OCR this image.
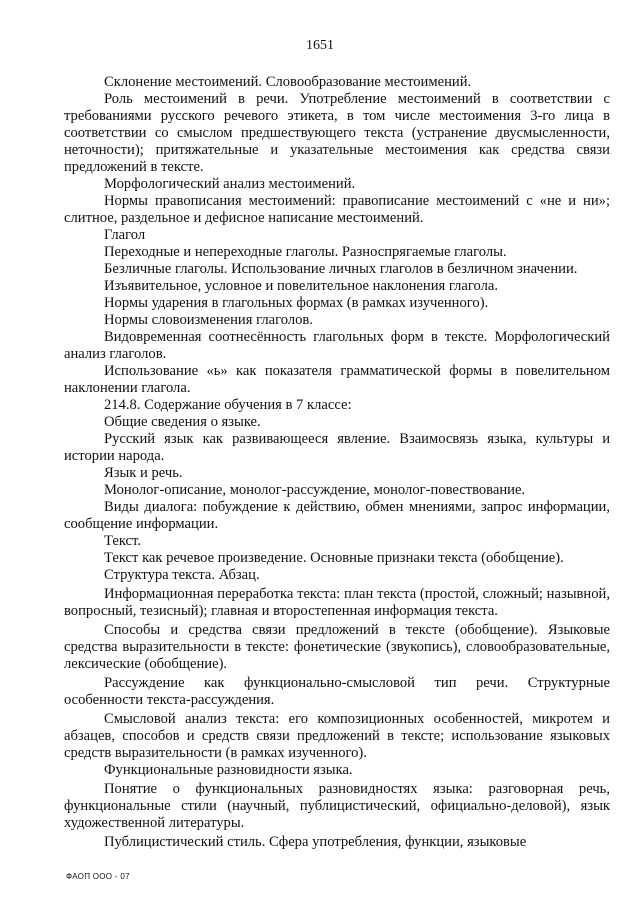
1651

Склонение местоимений. Словообразование местоимений.

Роль местоимений в речи. Употребление местоимений в соответствии с требованиями русского речевого этикета, в том числе местоимения 3-го лица в соответствии со смыслом предшествующего текста (устранение двусмысленности, неточности); притяжательные и указательные местоимения как средства связи предложений в тексте.

Морфологический анализ местоимений.

Нормы правописания местоимений: правописание местоимений с «не и ни»; слитное, раздельное и дефисное написание местоимений.

Глагол

Переходные и непереходные глаголы. Разноспрягаемые глаголы.

Безличные глаголы. Использование личных глаголов в безличном значении.

Изъявительное, условное и повелительное наклонения глагола.

Нормы ударения в глагольных формах (в рамках изученного).

Нормы словоизменения глаголов.

Видовременная соотнесённость глагольных форм в тексте. Морфологический анализ глаголов.

Использование «ь» как показателя грамматической формы в повелительном наклонении глагола.

214.8. Содержание обучения в 7 классе:

Общие сведения о языке.

Русский язык как развивающееся явление. Взаимосвязь языка, культуры и истории народа.

Язык и речь.

Монолог-описание, монолог-рассуждение, монолог-повествование.

Виды диалога: побуждение к действию, обмен мнениями, запрос информации, сообщение информации.

Текст.

Текст как речевое произведение. Основные признаки текста (обобщение).

Структура текста. Абзац.

Информационная переработка текста: план текста (простой, сложный; назывной, вопросный, тезисный); главная и второстепенная информация текста.

Способы и средства связи предложений в тексте (обобщение). Языковые средства выразительности в тексте: фонетические (звукопись), словообразовательные, лексические (обобщение).

Рассуждение как функционально-смысловой тип речи. Структурные особенности текста-рассуждения.

Смысловой анализ текста: его композиционных особенностей, микротем и абзацев, способов и средств связи предложений в тексте; использование языковых средств выразительности (в рамках изученного).

Функциональные разновидности языка.

Понятие о функциональных разновидностях языка: разговорная речь, функциональные стили (научный, публицистический, официально-деловой), язык художественной литературы.

Публицистический стиль. Сфера употребления, функции, языковые

ФАОП ООО - 07
